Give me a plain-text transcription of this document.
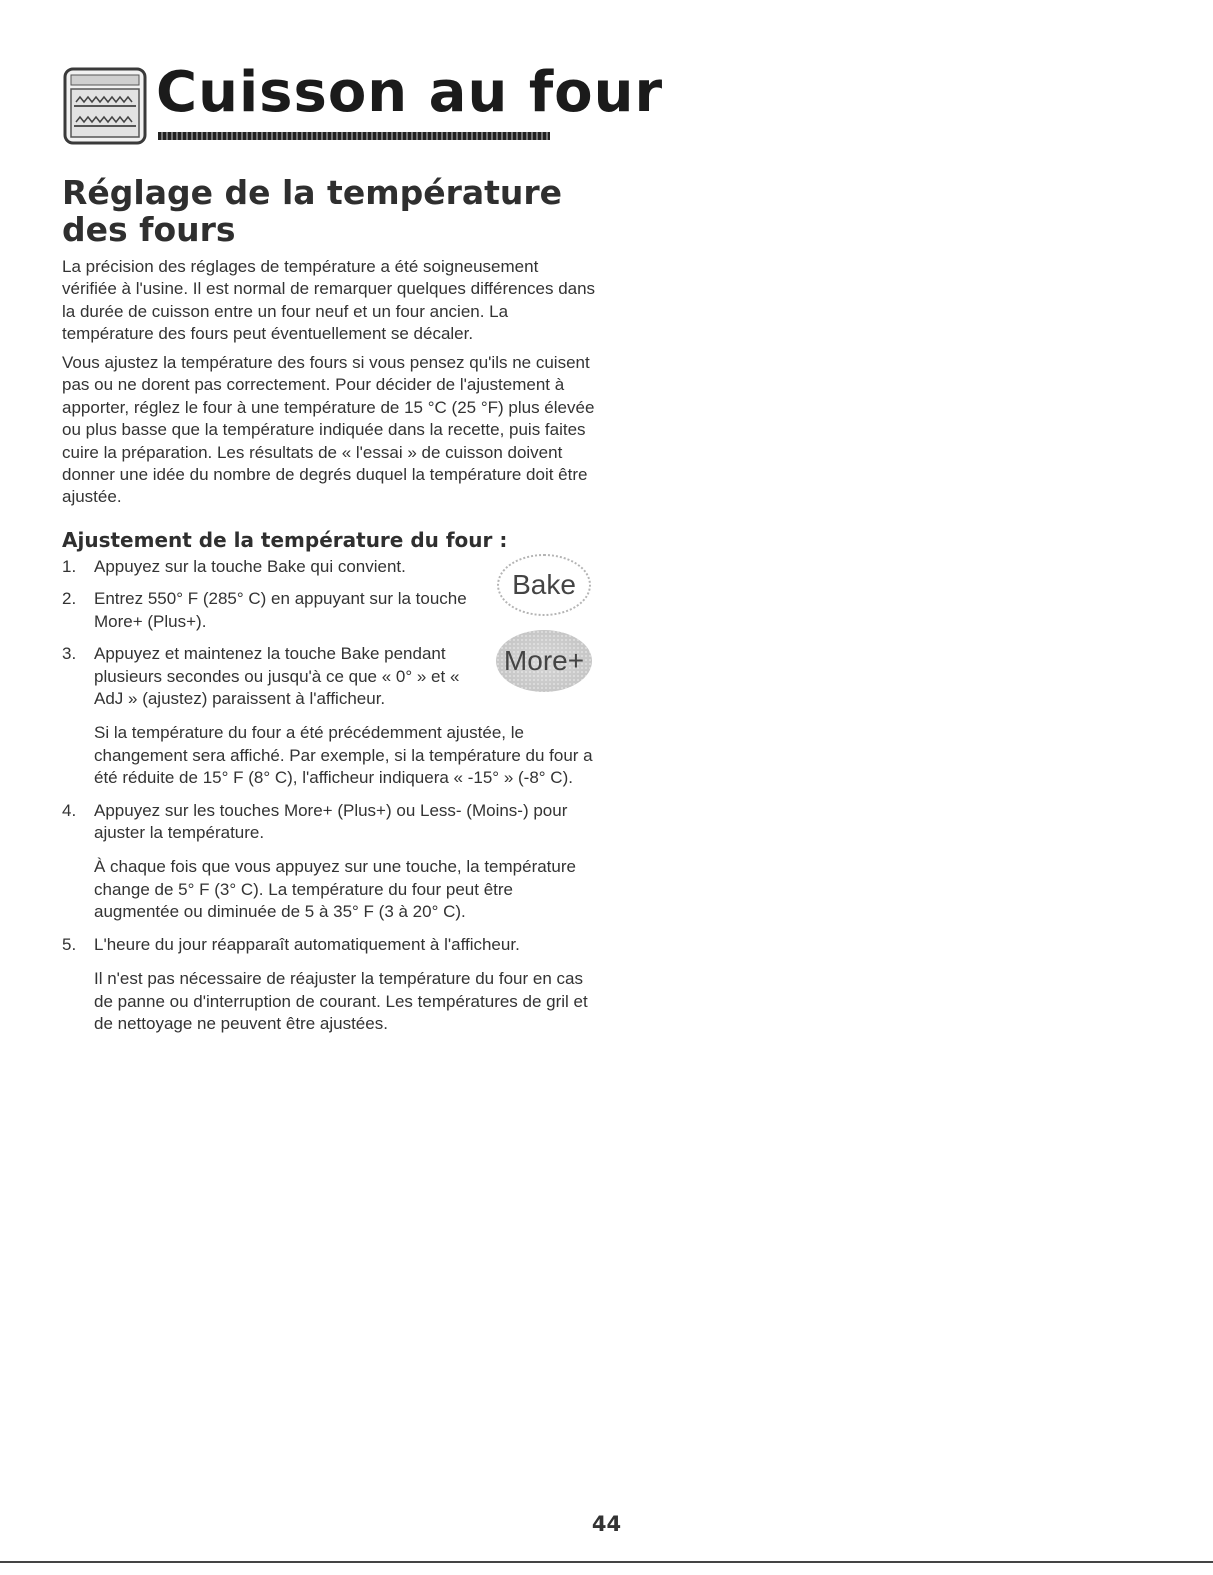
Cuisson au four
Réglage de la température des fours

La précision des réglages de température a été soigneusement vérifiée à l'usine. Il est normal de remarquer quelques différences dans la durée de cuisson entre un four neuf et un four ancien. La température des fours peut éventuellement se décaler.

Vous ajustez la température des fours si vous pensez qu'ils ne cuisent pas ou ne dorent pas correctement. Pour décider de l'ajustement à apporter, réglez le four à une température de 15 °C (25 °F) plus élevée ou plus basse que la température indiquée dans la recette, puis faites cuire la préparation. Les résultats de « l'essai » de cuisson doivent donner une idée du nombre de degrés duquel la température doit être ajustée.

Ajustement de la température du four :
1. Appuyez sur la touche Bake qui convient.
2. Entrez 550° F (285° C) en appuyant sur la touche More+ (Plus+).
3. Appuyez et maintenez la touche Bake pendant plusieurs secondes ou jusqu'à ce que « 0° » et « AdJ » (ajustez) paraissent à l'afficheur.
Si la température du four a été précédemment ajustée, le changement sera affiché. Par exemple, si la température du four a été réduite de 15° F (8° C), l'afficheur indiquera « -15° » (-8° C).
4. Appuyez sur les touches More+ (Plus+) ou Less- (Moins-) pour ajuster la température.
À chaque fois que vous appuyez sur une touche, la température change de 5° F (3° C). La température du four peut être augmentée ou diminuée de 5 à 35° F (3 à 20° C).
5. L'heure du jour réapparaît automatiquement à l'afficheur.
Il n'est pas nécessaire de réajuster la température du four en cas de panne ou d'interruption de courant. Les températures de gril et de nettoyage ne peuvent être ajustées.
Bake
More+
44
